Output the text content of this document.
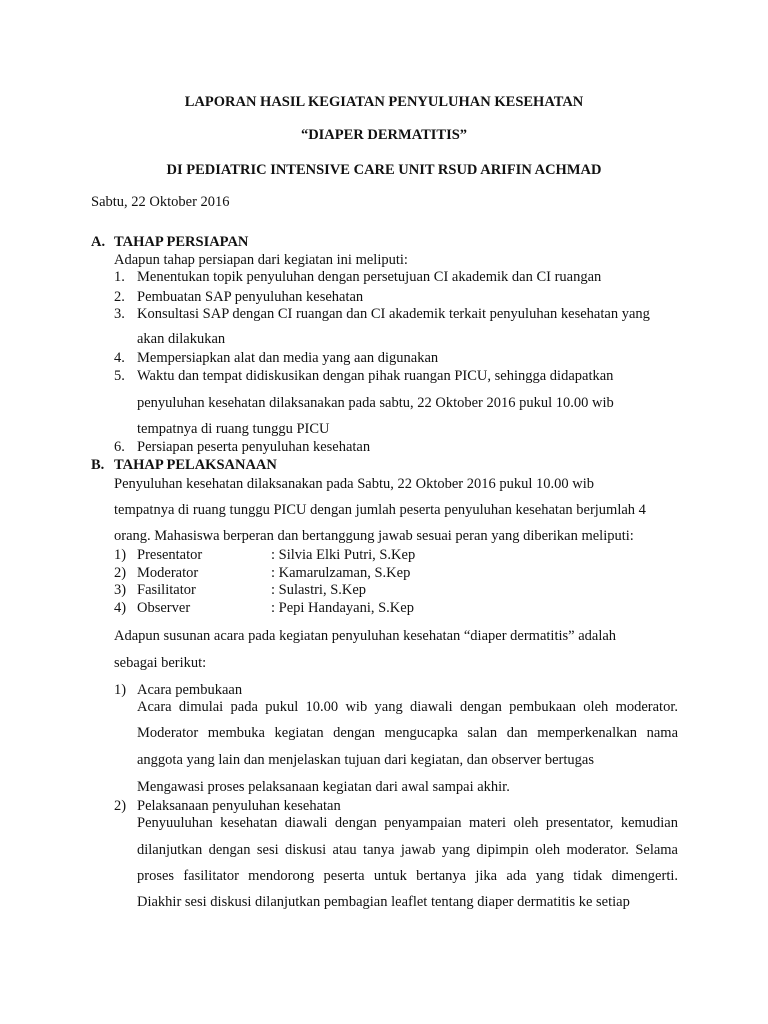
LAPORAN HASIL KEGIATAN PENYULUHAN KESEHATAN
“DIAPER DERMATITIS”
DI PEDIATRIC INTENSIVE CARE UNIT RSUD ARIFIN ACHMAD
Sabtu, 22 Oktober 2016
A. TAHAP PERSIAPAN
Adapun tahap persiapan dari kegiatan ini meliputi:
1. Menentukan topik penyuluhan dengan persetujuan CI akademik dan CI ruangan
2. Pembuatan SAP penyuluhan kesehatan
3. Konsultasi SAP dengan CI ruangan dan CI akademik terkait penyuluhan kesehatan yang
akan dilakukan
4. Mempersiapkan alat dan media yang aan digunakan
5. Waktu dan tempat didiskusikan dengan pihak ruangan PICU, sehingga didapatkan
penyuluhan kesehatan dilaksanakan pada sabtu, 22 Oktober 2016 pukul 10.00 wib
tempatnya di ruang tunggu PICU
6. Persiapan peserta penyuluhan kesehatan
B. TAHAP PELAKSANAAN
Penyuluhan kesehatan dilaksanakan pada Sabtu, 22 Oktober 2016 pukul 10.00 wib
tempatnya di ruang tunggu PICU dengan jumlah peserta penyuluhan kesehatan berjumlah 4
orang. Mahasiswa berperan dan bertanggung jawab sesuai peran yang diberikan meliputi:
1) Presentator	: Silvia Elki Putri, S.Kep
2) Moderator	: Kamarulzaman, S.Kep
3) Fasilitator	: Sulastri, S.Kep
4) Observer	: Pepi Handayani, S.Kep
Adapun susunan acara pada kegiatan penyuluhan kesehatan “diaper dermatitis” adalah
sebagai berikut:
1) Acara pembukaan
Acara dimulai pada pukul 10.00 wib yang diawali dengan pembukaan oleh moderator.
Moderator membuka kegiatan dengan mengucapka salan dan memperkenalkan nama
anggota yang lain dan menjelaskan tujuan dari kegiatan, dan observer bertugas
Mengawasi proses pelaksanaan kegiatan dari awal sampai akhir.
2) Pelaksanaan penyuluhan kesehatan
Penyuuluhan kesehatan diawali dengan penyampaian materi oleh presentator, kemudian
dilanjutkan dengan sesi diskusi atau tanya jawab yang dipimpin oleh moderator. Selama
proses fasilitator mendorong peserta untuk bertanya jika ada yang tidak dimengerti.
Diakhir sesi diskusi dilanjutkan pembagian leaflet tentang diaper dermatitis ke setiap
